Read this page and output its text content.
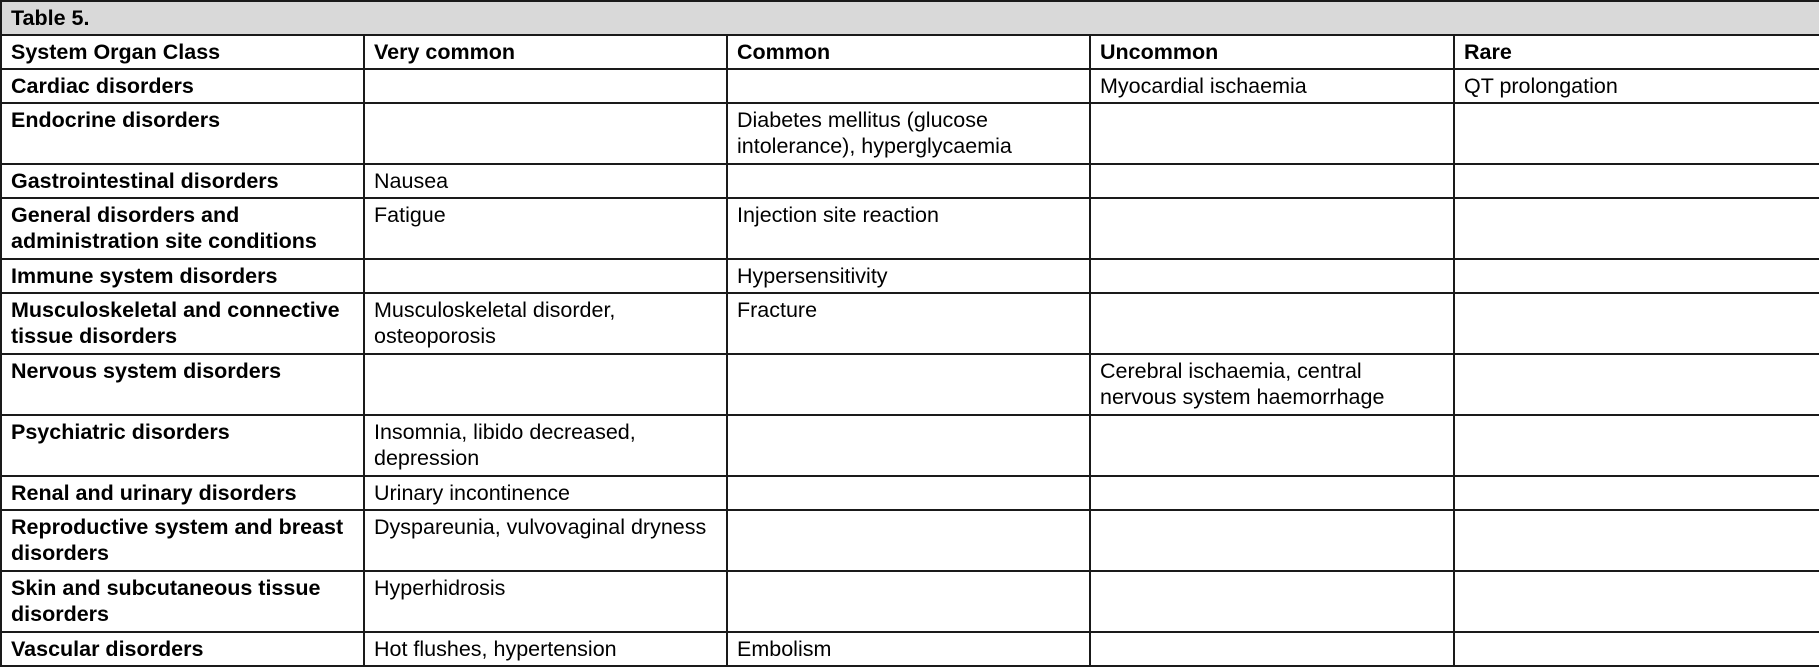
Table 5.				
System Organ Class	Very common	Common	Uncommon	Rare
Cardiac disorders			Myocardial ischaemia	QT prolongation
Endocrine disorders		Diabetes mellitus (glucose intolerance), hyperglycaemia		
Gastrointestinal disorders	Nausea			
General disorders and administration site conditions	Fatigue	Injection site reaction		
Immune system disorders		Hypersensitivity		
Musculoskeletal and connective tissue disorders	Musculoskeletal disorder, osteoporosis	Fracture		
Nervous system disorders			Cerebral ischaemia, central nervous system haemorrhage	
Psychiatric disorders	Insomnia, libido decreased, depression			
Renal and urinary disorders	Urinary incontinence			
Reproductive system and breast disorders	Dyspareunia, vulvovaginal dryness			
Skin and subcutaneous tissue disorders	Hyperhidrosis			
Vascular disorders	Hot flushes, hypertension	Embolism		
